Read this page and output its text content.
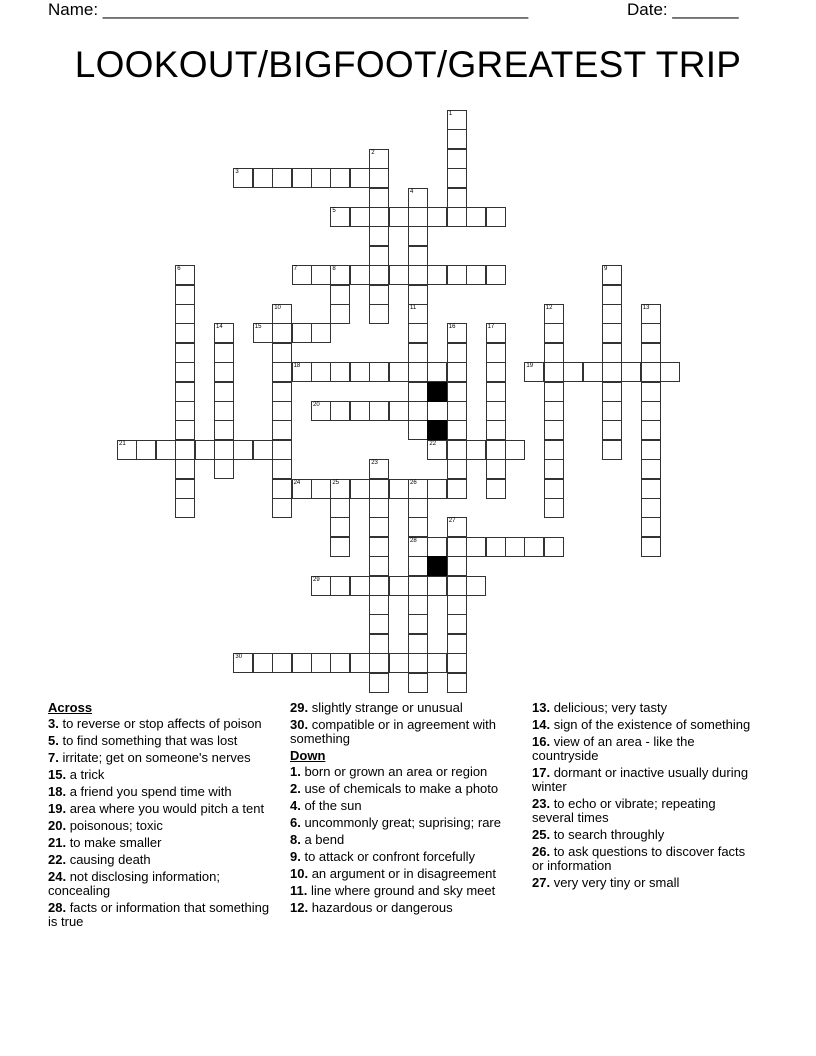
Name: _____________________________________________	Date: _______
LOOKOUT/BIGFOOT/GREATEST TRIP
1
2
3
4
11
5
6	7	8	9
10	12	13
14	15	16	17
18	19
20
21	22
23
24	25	26
28
27
29
30
Across
3. to reverse or stop affects of poison
5. to find something that was lost
7. irritate; get on someone's nerves
15. a trick
18. a friend you spend time with
19. area where you would pitch a tent
20. poisonous; toxic
21. to make smaller
22. causing death
24. not disclosing information; concealing
28. facts or information that something is true
29. slightly strange or unusual
30. compatible or in agreement with something
Down
1. born or grown an area or region
2. use of chemicals to make a photo
4. of the sun
6. uncommonly great; suprising; rare
8. a bend
9. to attack or confront forcefully
10. an argument or in disagreement
11. line where ground and sky meet
12. hazardous or dangerous
13. delicious; very tasty
14. sign of the existence of something
16. view of an area - like the countryside
17. dormant or inactive usually during winter
23. to echo or vibrate; repeating several times
25. to search throughly
26. to ask questions to discover facts or information
27. very very tiny or small
